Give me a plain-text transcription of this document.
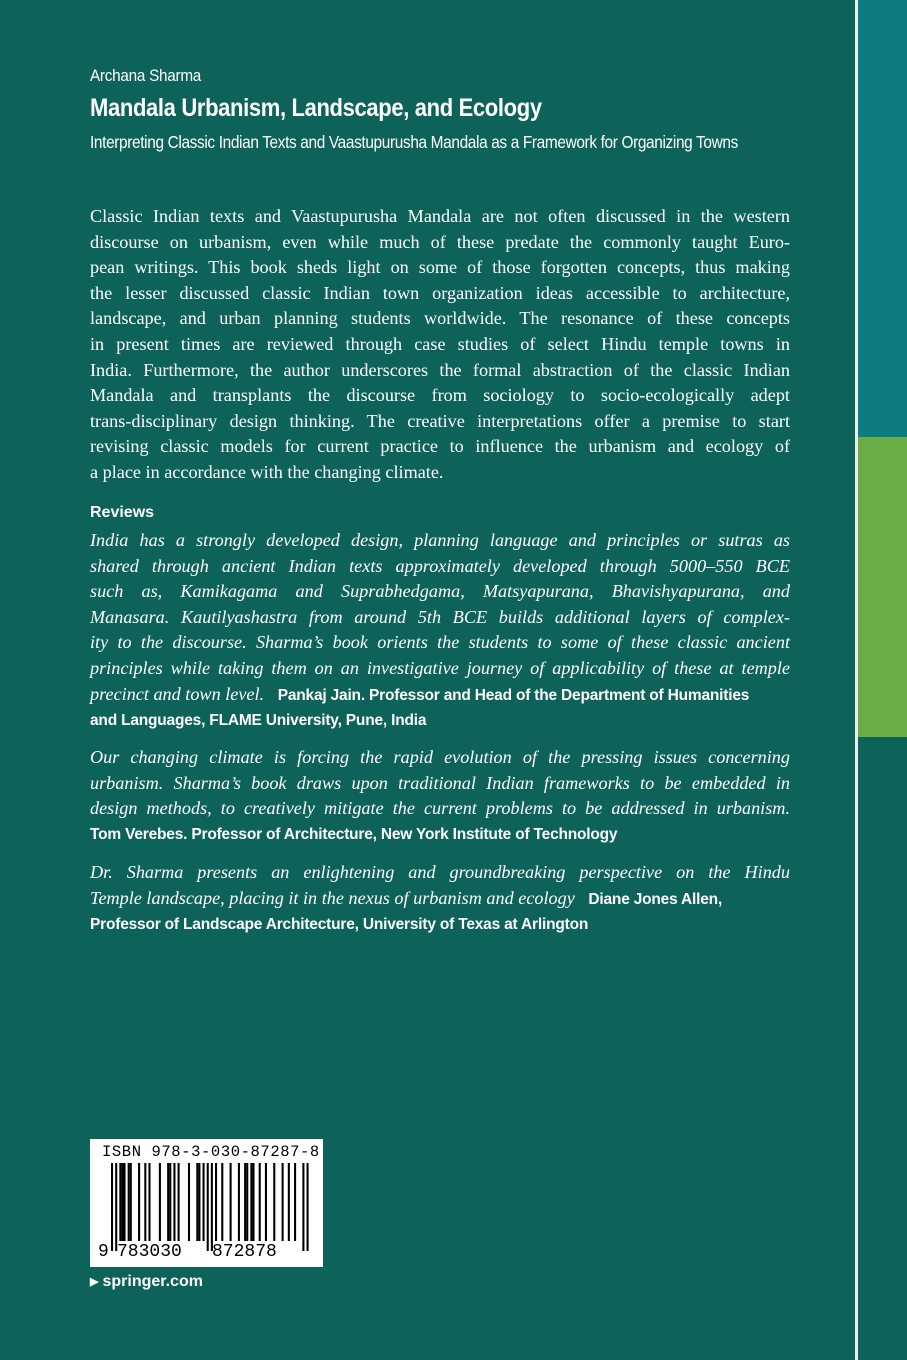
Archana Sharma
Mandala Urbanism, Landscape, and Ecology
Interpreting Classic Indian Texts and Vaastupurusha Mandala as a Framework for Organizing Towns
Classic Indian texts and Vaastupurusha Mandala are not often discussed in the western
discourse on urbanism, even while much of these predate the commonly taught Euro-
pean writings. This book sheds light on some of those forgotten concepts, thus making
the lesser discussed classic Indian town organization ideas accessible to architecture,
landscape, and urban planning students worldwide. The resonance of these concepts
in present times are reviewed through case studies of select Hindu temple towns in
India. Furthermore, the author underscores the formal abstraction of the classic Indian
Mandala and transplants the discourse from sociology to socio-ecologically adept
trans-disciplinary design thinking. The creative interpretations offer a premise to start
revising classic models for current practice to influence the urbanism and ecology of
a place in accordance with the changing climate.
Reviews
India has a strongly developed design, planning language and principles or sutras as
shared through ancient Indian texts approximately developed through 5000–550 BCE
such as, Kamikagama and Suprabhedgama, Matsyapurana, Bhavishyapurana, and
Manasara. Kautilyashastra from around 5th BCE builds additional layers of complex-
ity to the discourse. Sharma’s book orients the students to some of these classic ancient
principles while taking them on an investigative journey of applicability of these at temple
precinct and town level. Pankaj Jain. Professor and Head of the Department of Humanities
and Languages, FLAME University, Pune, India
Our changing climate is forcing the rapid evolution of the pressing issues concerning
urbanism. Sharma’s book draws upon traditional Indian frameworks to be embedded in
design methods, to creatively mitigate the current problems to be addressed in urbanism.
Tom Verebes. Professor of Architecture, New York Institute of Technology
Dr. Sharma presents an enlightening and groundbreaking perspective on the Hindu
Temple landscape, placing it in the nexus of urbanism and ecology Diane Jones Allen,
Professor of Landscape Architecture, University of Texas at Arlington
ISBN 978-3-030-87287-8
9 783030 872878
▶ springer.com
